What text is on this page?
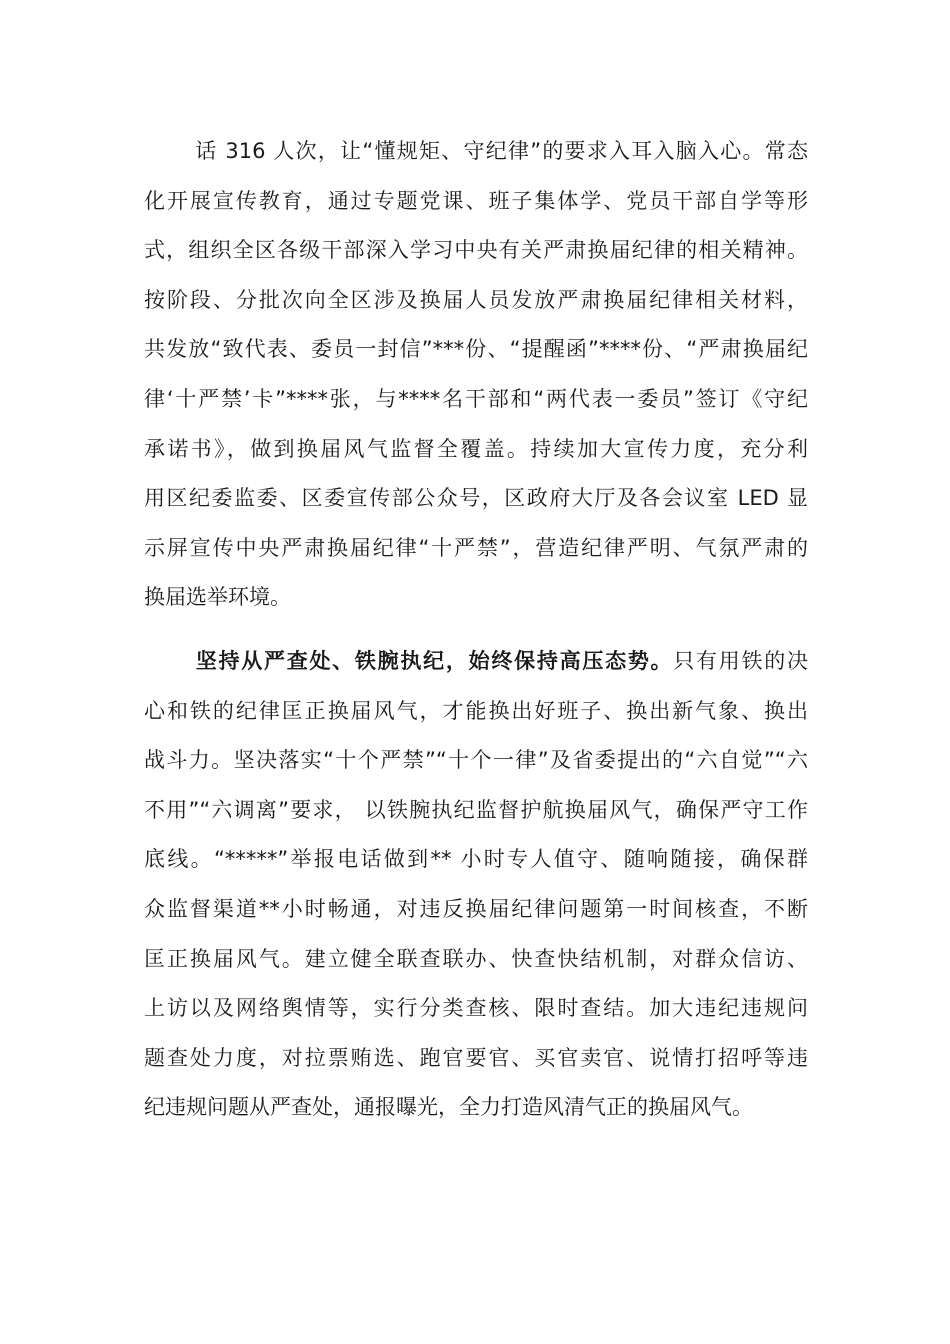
话 316 人次，让“懂规矩、守纪律”的要求入耳入脑入心。常态
化开展宣传教育，通过专题党课、班子集体学、党员干部自学等形
式，组织全区各级干部深入学习中央有关严肃换届纪律的相关精神。
按阶段、分批次向全区涉及换届人员发放严肃换届纪律相关材料，
共发放“致代表、委员一封信”***份、“提醒函”****份、“严肃换届纪
律‘十严禁’卡”****张，与****名干部和“两代表一委员”签订《守纪
承诺书》，做到换届风气监督全覆盖。持续加大宣传力度，充分利
用区纪委监委、区委宣传部公众号，区政府大厅及各会议室 LED 显
示屏宣传中央严肃换届纪律“十严禁”，营造纪律严明、气氛严肃的
换届选举环境。
坚持从严查处、铁腕执纪，始终保持高压态势。只有用铁的决
心和铁的纪律匡正换届风气，才能换出好班子、换出新气象、换出
战斗力。坚决落实“十个严禁”“十个一律”及省委提出的“六自觉”“六
不用”“六调离”要求， 以铁腕执纪监督护航换届风气，确保严守工作
底线。“*****”举报电话做到** 小时专人值守、随响随接，确保群
众监督渠道**小时畅通，对违反换届纪律问题第一时间核查，不断
匡正换届风气。建立健全联查联办、快查快结机制，对群众信访、
上访以及网络舆情等，实行分类查核、限时查结。加大违纪违规问
题查处力度，对拉票贿选、跑官要官、买官卖官、说情打招呼等违
纪违规问题从严查处，通报曝光，全力打造风清气正的换届风气。
